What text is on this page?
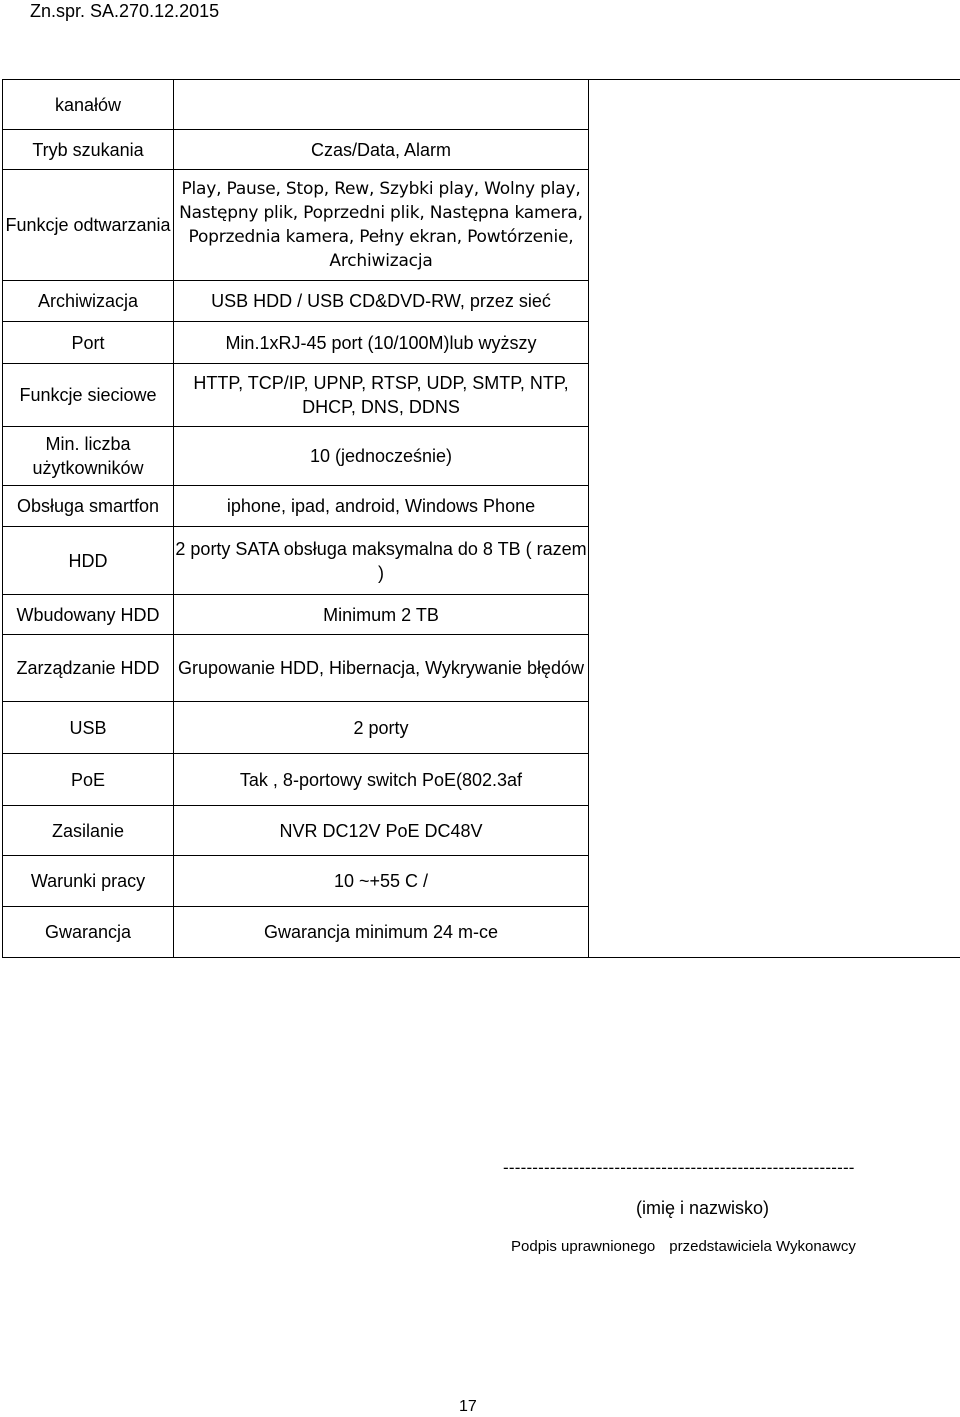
Zn.spr. SA.270.12.2015
kanałów		
Tryb szukania	Czas/Data, Alarm	
Funkcje odtwarzania	Play, Pause, Stop, Rew, Szybki play, Wolny play, Następny plik, Poprzedni plik, Następna kamera, Poprzednia kamera, Pełny ekran, Powtórzenie, Archiwizacja	
Archiwizacja	USB HDD / USB CD&DVD-RW, przez sieć	
Port	Min.1xRJ-45 port (10/100M)lub wyższy	
Funkcje sieciowe	HTTP, TCP/IP, UPNP, RTSP, UDP, SMTP, NTP, DHCP, DNS, DDNS	
Min. liczba użytkowników	10 (jednocześnie)	
Obsługa smartfon	iphone, ipad, android, Windows Phone	
HDD	2 porty SATA obsługa maksymalna do 8 TB ( razem )	
Wbudowany HDD	Minimum 2 TB	
Zarządzanie HDD	Grupowanie HDD, Hibernacja, Wykrywanie błędów	
USB	2 porty	
PoE	Tak , 8-portowy switch PoE(802.3af	
Zasilanie	NVR DC12V PoE DC48V	
Warunki pracy	10 ~+55 C /	
Gwarancja	Gwarancja minimum 24 m-ce	
------------------------------------------------------------
(imię i nazwisko)
Podpis uprawnionego przedstawiciela Wykonawcy
17
